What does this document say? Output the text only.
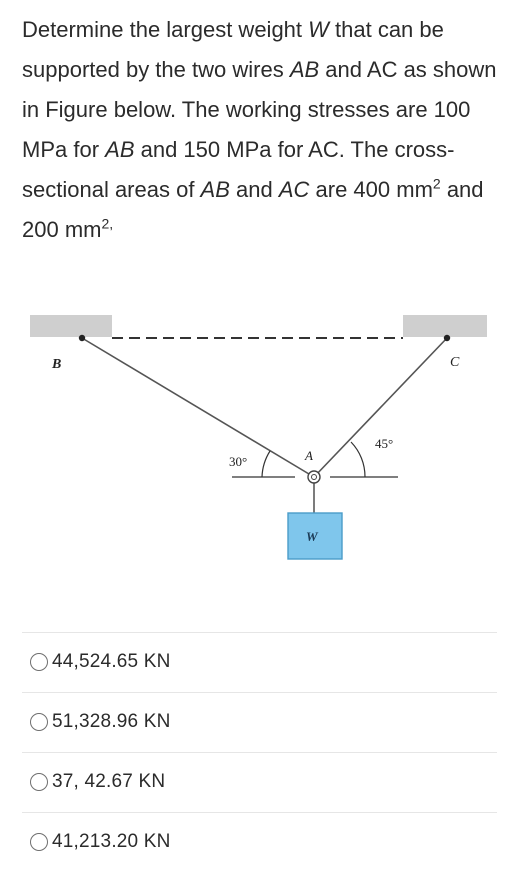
Determine the largest weight W that can be supported by the two wires AB and AC as shown in Figure below. The working stresses are 100 MPa for AB and 150 MPa for AC. The cross-sectional areas of AB and AC are 400 $mm^2$ and 200 $mm^{2,}$
B	C
30°
45°
A
W
44,524.65 KN
51,328.96 KN
37, 42.67 KN
41,213.20 KN
